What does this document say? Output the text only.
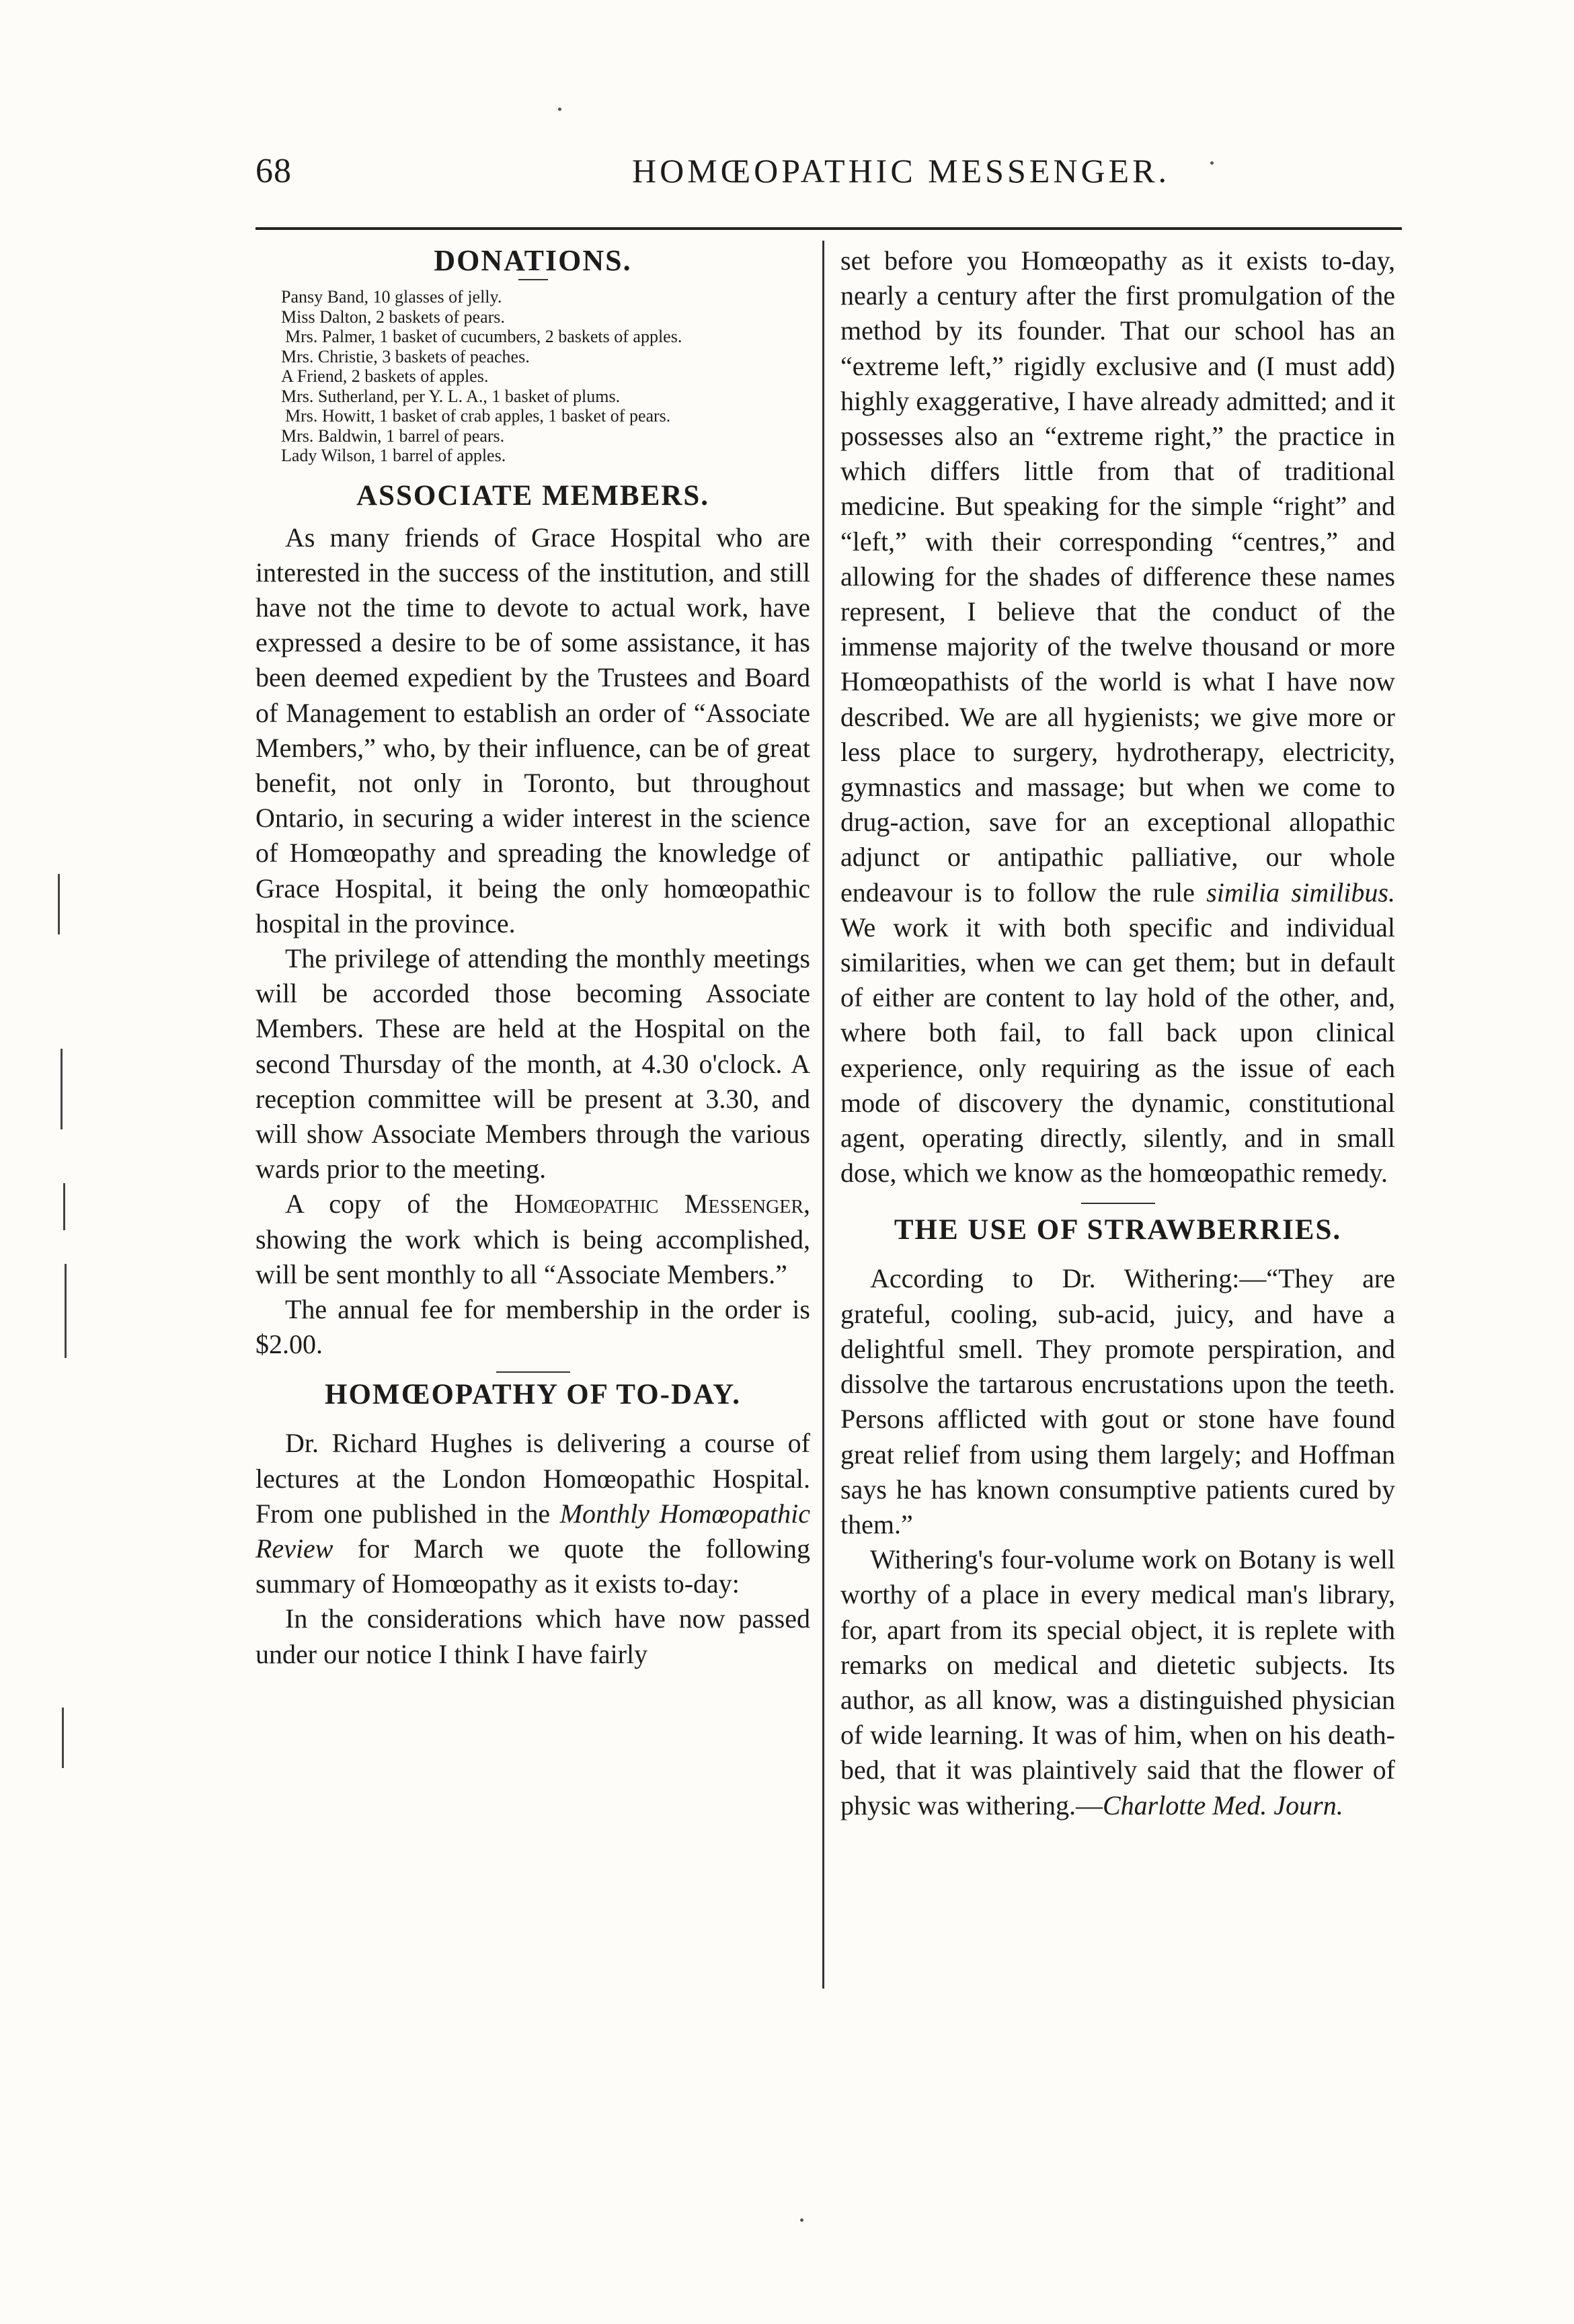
68	HOMŒOPATHIC MESSENGER.
DONATIONS.

Pansy Band, 10 glasses of jelly.

Miss Dalton, 2 baskets of pears.

Mrs. Palmer, 1 basket of cucumbers, 2 baskets of apples.

Mrs. Christie, 3 baskets of peaches.

A Friend, 2 baskets of apples.

Mrs. Sutherland, per Y. L. A., 1 basket of plums.

Mrs. Howitt, 1 basket of crab apples, 1 basket of pears.

Mrs. Baldwin, 1 barrel of pears.

Lady Wilson, 1 barrel of apples.

ASSOCIATE MEMBERS.

As many friends of Grace Hospital who are interested in the success of the institution, and still have not the time to devote to actual work, have expressed a desire to be of some assistance, it has been deemed expedient by the Trustees and Board of Management to establish an order of “Associate Members,” who, by their influence, can be of great benefit, not only in Toronto, but throughout Ontario, in securing a wider interest in the science of Homœopathy and spreading the knowledge of Grace Hospital, it being the only homœopathic hospital in the province.

The privilege of attending the monthly meetings will be accorded those becoming Associate Members. These are held at the Hospital on the second Thursday of the month, at 4.30 o'clock. A reception committee will be present at 3.30, and will show Associate Members through the various wards prior to the meeting.

A copy of the Homœopathic Messenger, showing the work which is being accomplished, will be sent monthly to all “Associate Members.”

The annual fee for membership in the order is $2.00.

HOMŒOPATHY OF TO-DAY.

Dr. Richard Hughes is delivering a course of lectures at the London Homœopathic Hospital. From one published in the Monthly Homœopathic Review for March we quote the following summary of Homœopathy as it exists to-day:

In the considerations which have now passed under our notice I think I have fairly

set before you Homœopathy as it exists to-day, nearly a century after the first promulgation of the method by its founder. That our school has an “extreme left,” rigidly exclusive and (I must add) highly exaggerative, I have already admitted; and it possesses also an “extreme right,” the practice in which differs little from that of traditional medicine. But speaking for the simple “right” and “left,” with their corresponding “centres,” and allowing for the shades of difference these names represent, I believe that the conduct of the immense majority of the twelve thousand or more Homœopathists of the world is what I have now described. We are all hygienists; we give more or less place to surgery, hydrotherapy, electricity, gymnastics and massage; but when we come to drug-action, save for an exceptional allopathic adjunct or antipathic palliative, our whole endeavour is to follow the rule similia similibus. We work it with both specific and individual similarities, when we can get them; but in default of either are content to lay hold of the other, and, where both fail, to fall back upon clinical experience, only requiring as the issue of each mode of discovery the dynamic, constitutional agent, operating directly, silently, and in small dose, which we know as the homœopathic remedy.

THE USE OF STRAWBERRIES.

According to Dr. Withering:—“They are grateful, cooling, sub-acid, juicy, and have a delightful smell. They promote perspiration, and dissolve the tartarous encrustations upon the teeth. Persons afflicted with gout or stone have found great relief from using them largely; and Hoffman says he has known consumptive patients cured by them.”

Withering's four-volume work on Botany is well worthy of a place in every medical man's library, for, apart from its special object, it is replete with remarks on medical and dietetic subjects. Its author, as all know, was a distinguished physician of wide learning. It was of him, when on his death-bed, that it was plaintively said that the flower of physic was withering.—Charlotte Med. Journ.
